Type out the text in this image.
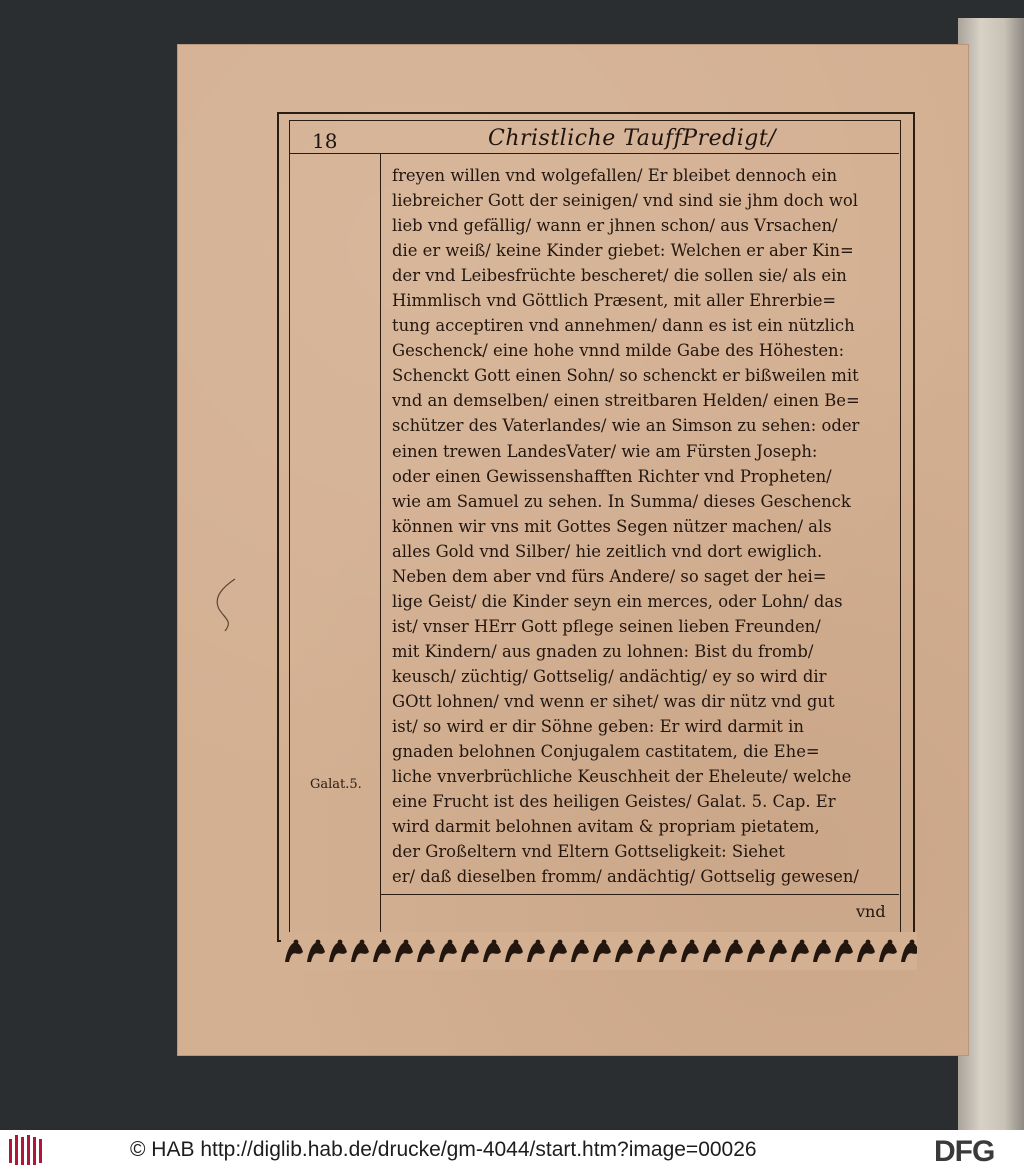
18	Christliche TauffPredigt/
freyen willen vnd wolgefallen/ Er bleibet dennoch ein
liebreicher Gott der seinigen/ vnd sind sie jhm doch wol
lieb vnd gefällig/ wann er jhnen schon/ aus Vrsachen/
die er weiß/ keine Kinder giebet: Welchen er aber Kin=
der vnd Leibesfrüchte bescheret/ die sollen sie/ als ein
Himmlisch vnd Göttlich Præsent, mit aller Ehrerbie=
tung acceptiren vnd annehmen/ dann es ist ein nützlich
Geschenck/ eine hohe vnnd milde Gabe des Höhesten:
Schenckt Gott einen Sohn/ so schenckt er bißweilen mit
vnd an demselben/ einen streitbaren Helden/ einen Be=
schützer des Vaterlandes/ wie an Simson zu sehen: oder
einen trewen LandesVater/ wie am Fürsten Joseph:
oder einen Gewissenshafften Richter vnd Propheten/
wie am Samuel zu sehen. In Summa/ dieses Geschenck
können wir vns mit Gottes Segen nützer machen/ als
alles Gold vnd Silber/ hie zeitlich vnd dort ewiglich.
Neben dem aber vnd fürs Andere/ so saget der hei=
lige Geist/ die Kinder seyn ein merces, oder Lohn/ das
ist/ vnser HErr Gott pflege seinen lieben Freunden/
mit Kindern/ aus gnaden zu lohnen: Bist du fromb/
keusch/ züchtig/ Gottselig/ andächtig/ ey so wird dir
GOtt lohnen/ vnd wenn er sihet/ was dir nütz vnd gut
ist/ so wird er dir Söhne geben: Er wird darmit in
gnaden belohnen Conjugalem castitatem, die Ehe=
liche vnverbrüchliche Keuschheit der Eheleute/ welche
eine Frucht ist des heiligen Geistes/ Galat. 5. Cap. Er
wird darmit belohnen avitam & propriam pietatem,
der Großeltern vnd Eltern Gottseligkeit: Siehet
er/ daß dieselben fromm/ andächtig/ Gottselig gewesen/
Galat.5.
vnd
© HAB http://diglib.hab.de/drucke/gm-4044/start.htm?image=00026	DFG
